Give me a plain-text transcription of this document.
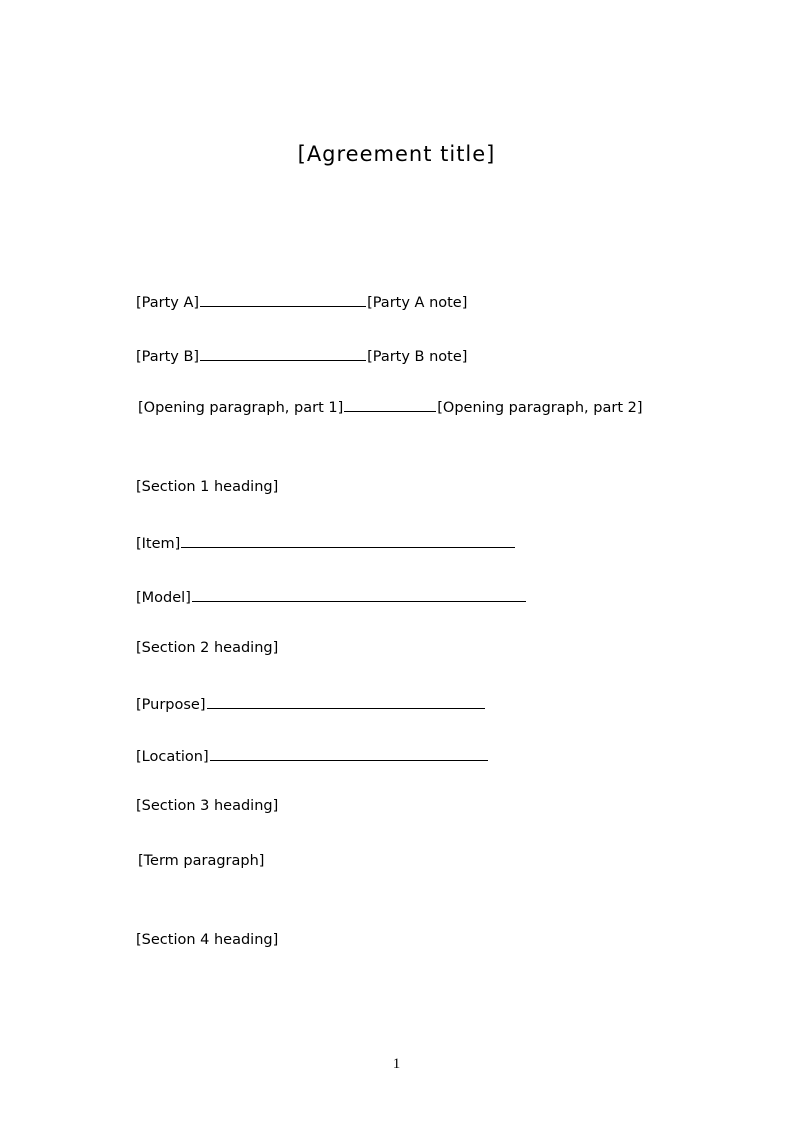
[Agreement title]
[Party A]	[Party A note]
[Party B]	[Party B note]
[Opening paragraph, part 1]	[Opening paragraph, part 2]
[Section 1 heading]
[Item]
[Model]
[Section 2 heading]
[Purpose]
[Location]
[Section 3 heading]
[Term paragraph]
[Section 4 heading]
1
